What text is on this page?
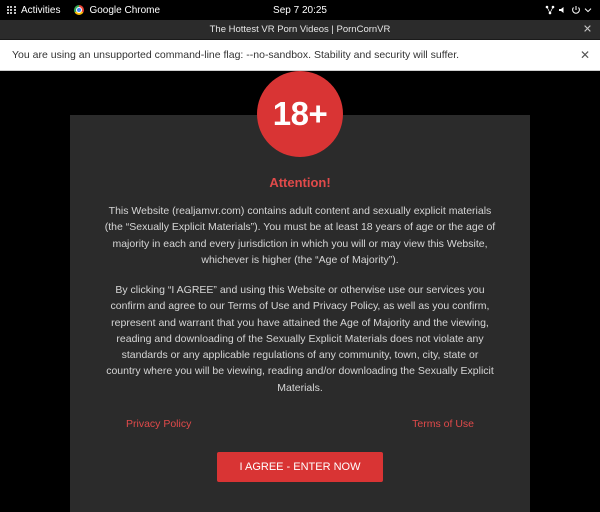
Activities	Google Chrome	Sep 7 20:25
The Hottest VR Porn Videos | PornCornVR	✕
You are using an unsupported command-line flag: --no-sandbox. Stability and security will suffer.	✕
18+
Attention!

This Website (realjamvr.com) contains adult content and sexually explicit materials (the “Sexually Explicit Materials”). You must be at least 18 years of age or the age of majority in each and every jurisdiction in which you will or may view this Website, whichever is higher (the “Age of Majority”).

By clicking “I AGREE” and using this Website or otherwise use our services you confirm and agree to our Terms of Use and Privacy Policy, as well as you confirm, represent and warrant that you have attained the Age of Majority and the viewing, reading and downloading of the Sexually Explicit Materials does not violate any standards or any applicable regulations of any community, town, city, state or country where you will be viewing, reading and/or downloading the Sexually Explicit Materials.

Privacy Policy	Terms of Use
I AGREE - ENTER NOW
